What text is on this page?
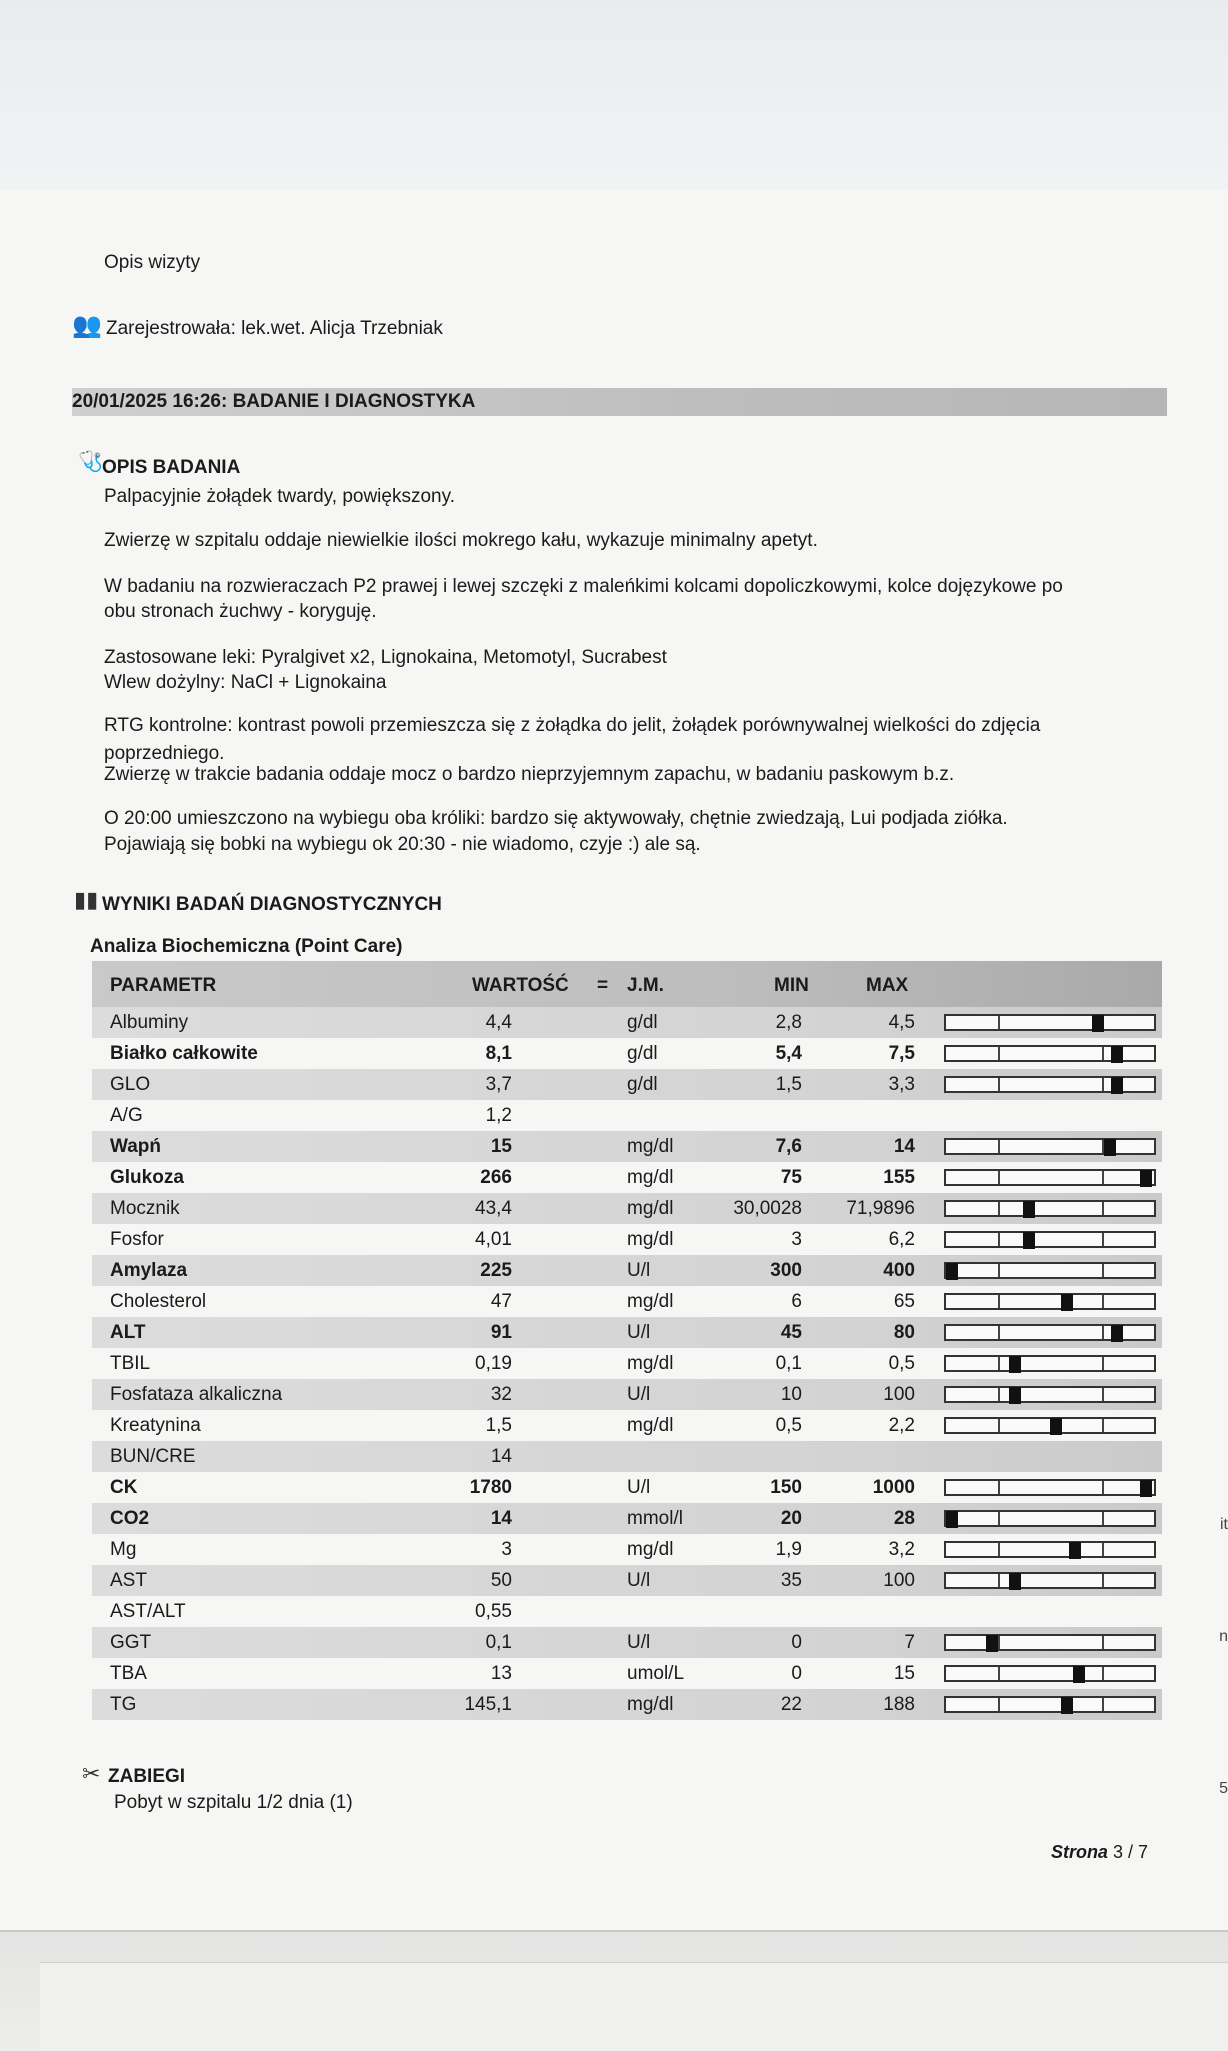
Opis wizyty
👥 Zarejestrowała: lek.wet. Alicja Trzebniak
20/01/2025 16:26: BADANIE I DIAGNOSTYKA
🩺 OPIS BADANIA
Palpacyjnie żołądek twardy, powiększony.
Zwierzę w szpitalu oddaje niewielkie ilości mokrego kału, wykazuje minimalny apetyt.
W badaniu na rozwieraczach P2 prawej i lewej szczęki z maleńkimi kolcami dopoliczkowymi, kolce dojęzykowe po
obu stronach żuchwy - koryguję.
Zastosowane leki: Pyralgivet x2, Lignokaina, Metomotyl, Sucrabest
Wlew dożylny: NaCl + Lignokaina
RTG kontrolne: kontrast powoli przemieszcza się z żołądka do jelit, żołądek porównywalnej wielkości do zdjęcia
poprzedniego.
Zwierzę w trakcie badania oddaje mocz o bardzo nieprzyjemnym zapachu, w badaniu paskowym b.z.
O 20:00 umieszczono na wybiegu oba króliki: bardzo się aktywowały, chętnie zwiedzają, Lui podjada ziółka.
Pojawiają się bobki na wybiegu ok 20:30 - nie wiadomo, czyje :) ale są.
▮▮ WYNIKI BADAŃ DIAGNOSTYCZNYCH
Analiza Biochemiczna (Point Care)
PARAMETR	WARTOŚĆ = J.M.	MIN	MAX
Albuminy	4,4	g/dl	2,8	4,5
Białko całkowite	8,1	g/dl	5,4	7,5
GLO	3,7	g/dl	1,5	3,3
A/G	1,2
Wapń	15	mg/dl	7,6	14
Glukoza	266	mg/dl	75	155
Mocznik	43,4	mg/dl	30,0028 71,9896
Fosfor	4,01	mg/dl	3	6,2
Amylaza	225	U/l	300	400
Cholesterol	47	mg/dl	6	65
ALT	91	U/l	45	80
TBIL	0,19	mg/dl	0,1	0,5
Fosfataza alkaliczna	32	U/l	10	100
Kreatynina	1,5	mg/dl	0,5	2,2
BUN/CRE	14
CK	1780	U/l	150	1000
CO2	14	mmol/l	20	28
Mg	3	mg/dl	1,9	3,2
AST	50	U/l	35	100
AST/ALT	0,55
GGT	0,1	U/l	0	7
TBA	13	umol/L	0	15
TG	145,1	mg/dl	22	188
✂ ZABIEGI
Pobyt w szpitalu 1/2 dnia (1)
Strona 3 / 7
it
n
5
